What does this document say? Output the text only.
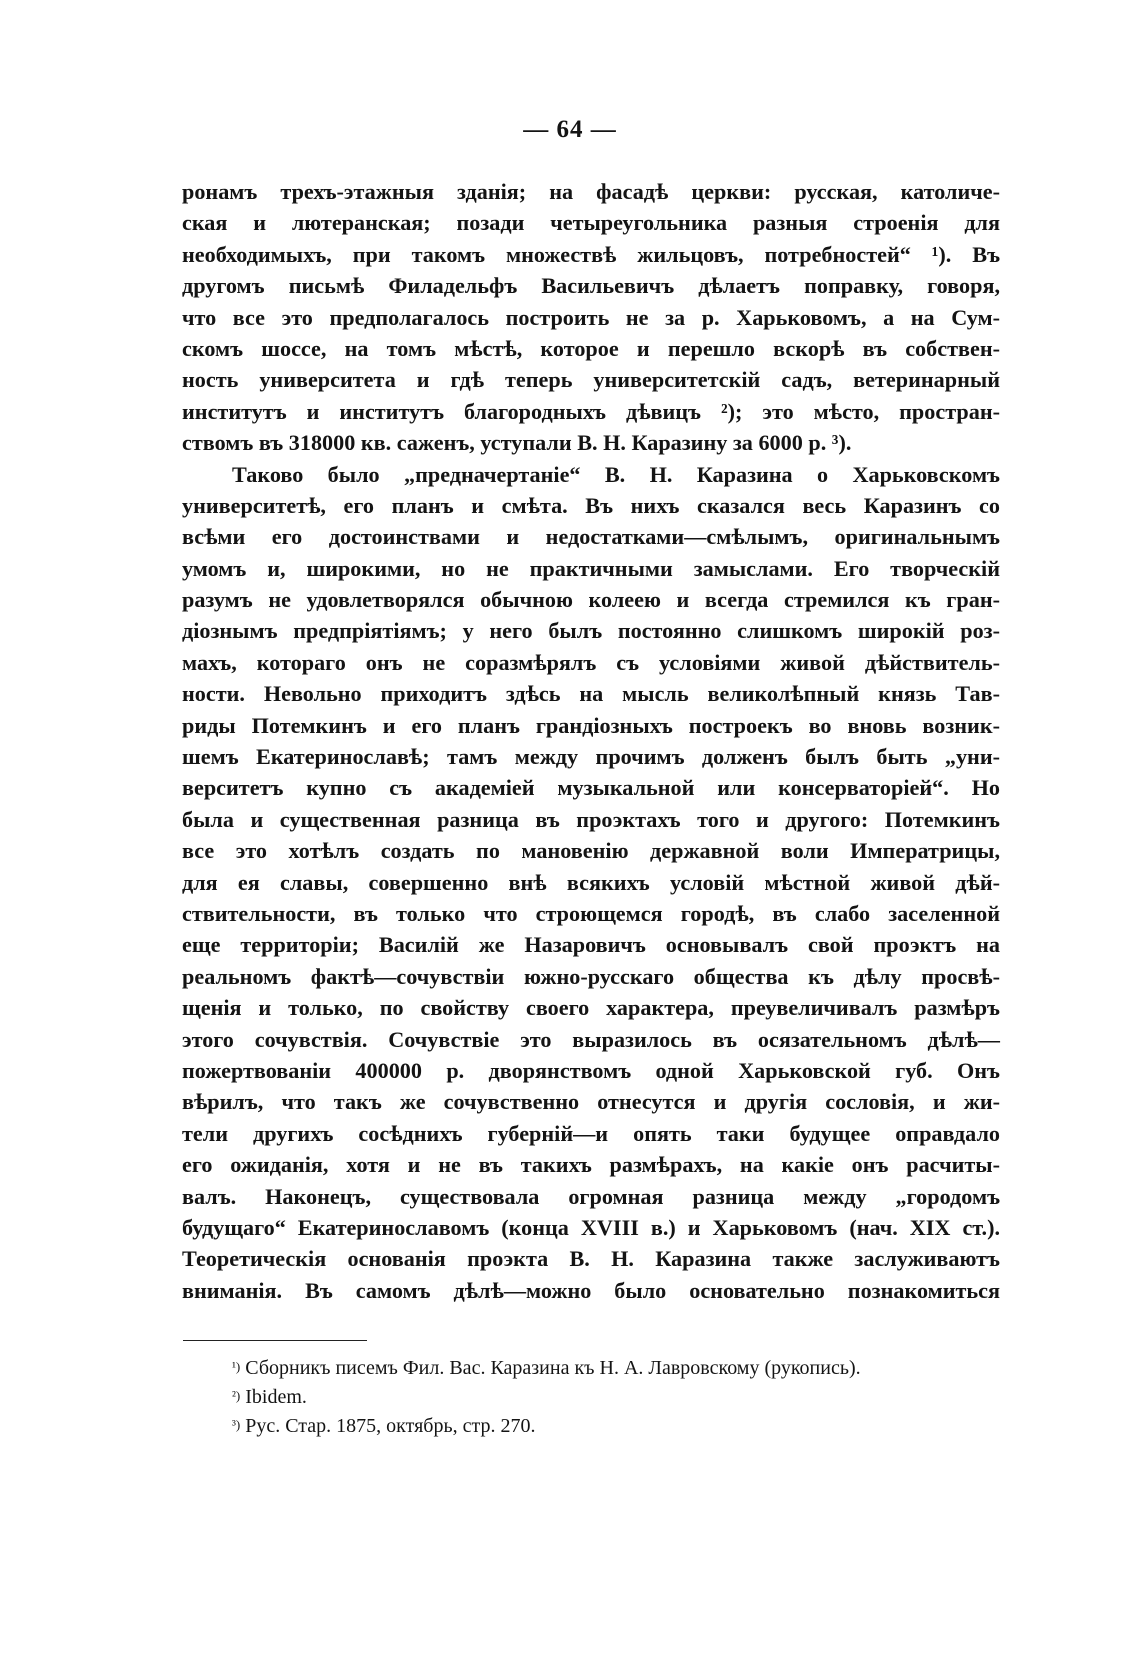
— 64 —
ронамъ трехъ-этажныя зданія; на фасадѣ церкви: русская, католиче-
ская и лютеранская; позади четыреугольника разныя строенія для
необходимыхъ, при такомъ множествѣ жильцовъ, потребностей“ ¹). Въ
другомъ письмѣ Филадельфъ Васильевичъ дѣлаетъ поправку, говоря,
что все это предполагалось построить не за р. Харьковомъ, а на Сум-
скомъ шоссе, на томъ мѣстѣ, которое и перешло вскорѣ въ собствен-
ность университета и гдѣ теперь университетскій садъ, ветеринарный
институтъ и институтъ благородныхъ дѣвицъ ²); это мѣсто, простран-
ствомъ въ 318000 кв. саженъ, уступали В. Н. Каразину за 6000 р. ³).
Таково было „предначертаніе“ В. Н. Каразина о Харьковскомъ
университетѣ, его планъ и смѣта. Въ нихъ сказался весь Каразинъ со
всѣми его достоинствами и недостатками—смѣлымъ, оригинальнымъ
умомъ и, широкими, но не практичными замыслами. Его творческій
разумъ не удовлетворялся обычною колеею и всегда стремился къ гран-
діознымъ предпріятіямъ; у него былъ постоянно слишкомъ широкій роз-
махъ, котораго онъ не соразмѣрялъ съ условіями живой дѣйствитель-
ности. Невольно приходитъ здѣсь на мысль великолѣпный князь Тав-
риды Потемкинъ и его планъ грандіозныхъ построекъ во вновь возник-
шемъ Екатеринославѣ; тамъ между прочимъ долженъ былъ быть „уни-
верситетъ купно съ академіей музыкальной или консерваторіей“. Но
была и существенная разница въ проэктахъ того и другого: Потемкинъ
все это хотѣлъ создать по мановенію державной воли Императрицы,
для ея славы, совершенно внѣ всякихъ условій мѣстной живой дѣй-
ствительности, въ только что строющемся городѣ, въ слабо заселенной
еще территоріи; Василій же Назаровичъ основывалъ свой проэктъ на
реальномъ фактѣ—сочувствіи южно-русскаго общества къ дѣлу просвѣ-
щенія и только, по свойству своего характера, преувеличивалъ размѣръ
этого сочувствія. Сочувствіе это выразилось въ осязательномъ дѣлѣ—
пожертвованіи 400000 р. дворянствомъ одной Харьковской губ. Онъ
вѣрилъ, что такъ же сочувственно отнесутся и другія сословія, и жи-
тели другихъ сосѣднихъ губерній—и опять таки будущее оправдало
его ожиданія, хотя и не въ такихъ размѣрахъ, на какіе онъ расчиты-
валъ. Наконецъ, существовала огромная разница между „городомъ
будущаго“ Екатеринославомъ (конца XVIII в.) и Харьковомъ (нач. XIX ст.).
Теоретическія основанія проэкта В. Н. Каразина также заслуживаютъ
вниманія. Въ самомъ дѣлѣ—можно было основательно познакомиться
$^{^1)}$ Сборникъ писемъ Фил. Вас. Каразина къ Н. А. Лавровскому (рукопись).
$^{^2)}$ Ibidem.
$^{^3)}$ Рус. Стар. 1875, октябрь, стр. 270.
